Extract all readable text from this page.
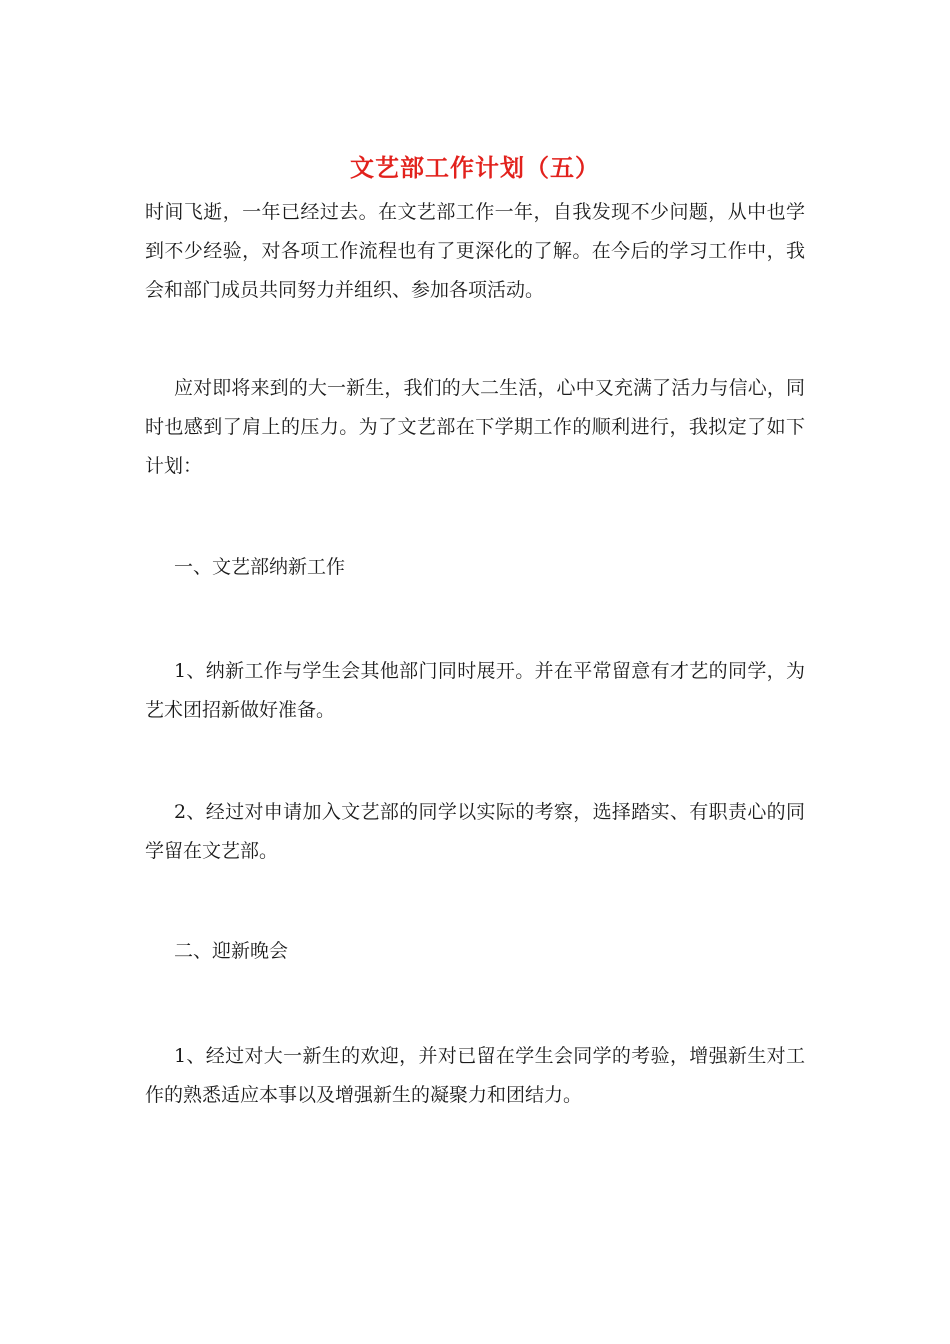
文艺部工作计划（五）

时间飞逝，一年已经过去。在文艺部工作一年，自我发现不少问题，从中也学到不少经验，对各项工作流程也有了更深化的了解。在今后的学习工作中，我会和部门成员共同努力并组织、参加各项活动。

应对即将来到的大一新生，我们的大二生活，心中又充满了活力与信心，同时也感到了肩上的压力。为了文艺部在下学期工作的顺利进行，我拟定了如下计划：

一、文艺部纳新工作

1、纳新工作与学生会其他部门同时展开。并在平常留意有才艺的同学，为艺术团招新做好准备。

2、经过对申请加入文艺部的同学以实际的考察，选择踏实、有职责心的同学留在文艺部。

二、迎新晚会

1、经过对大一新生的欢迎，并对已留在学生会同学的考验，增强新生对工作的熟悉适应本事以及增强新生的凝聚力和团结力。
